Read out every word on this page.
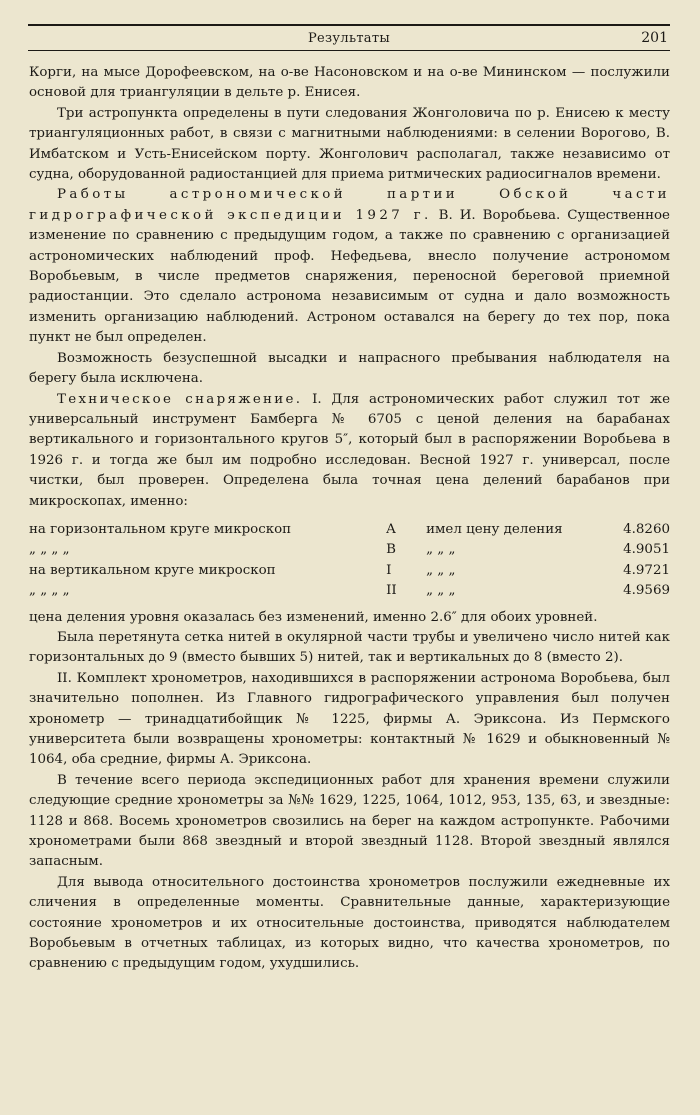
Результаты	201

Корги, на мысе Дорофеевском, на о-ве Насоновском и на о-ве Мининском — послужили основой для триангуляции в дельте р. Енисея.

Три астропункта определены в пути следования Жонголовича по р. Енисею к месту триангуляционных работ, в связи с магнитными наблюдениями: в селении Ворогово, В. Имбатском и Усть-Енисейском порту. Жонголович располагал, также независимо от судна, оборудованной радиостанцией для приема ритмических радиосигналов времени.

Работы астрономической партии Обской части гидрографической экспедиции 1927 г. В. И. Воробьева. Существенное изменение по сравнению с предыдущим годом, а также по сравнению с организацией астрономических наблюдений проф. Нефедьева, внесло получение астрономом Воробьевым, в числе предметов снаряжения, переносной береговой приемной радиостанции. Это сделало астронома независимым от судна и дало возможность изменить организацию наблюдений. Астроном оставался на берегу до тех пор, пока пункт не был определен.

Возможность безуспешной высадки и напрасного пребывания наблюдателя на берегу была исключена.

Техническое снаряжение. I. Для астрономических работ служил тот же универсальный инструмент Бамберга № 6705 с ценой деления на барабанах вертикального и горизонтального кругов 5″, который был в распоряжении Воробьева в 1926 г. и тогда же был им подробно исследован. Весной 1927 г. универсал, после чистки, был проверен. Определена была точная цена делений барабанов при микроскопах, именно:

на горизонтальном круге микроскоп	A	имел цену деления	4.8260
„ „ „ „	B	„ „ „	4.9051
на вертикальном круге микроскоп	I	„ „ „	4.9721
„ „ „ „	II	„ „ „	4.9569

цена деления уровня оказалась без изменений, именно 2.6″ для обоих уровней.

Была перетянута сетка нитей в окулярной части трубы и увеличено число нитей как горизонтальных до 9 (вместо бывших 5) нитей, так и вертикальных до 8 (вместо 2).

II. Комплект хронометров, находившихся в распоряжении астронома Воробьева, был значительно пополнен. Из Главного гидрографического управления был получен хронометр — тринадцатибойщик № 1225, фирмы А. Эриксона. Из Пермского университета были возвращены хронометры: контактный № 1629 и обыкновенный № 1064, оба средние, фирмы А. Эриксона.

В течение всего периода экспедиционных работ для хранения времени служили следующие средние хронометры за №№ 1629, 1225, 1064, 1012, 953, 135, 63, и звездные: 1128 и 868. Восемь хронометров свозились на берег на каждом астропункте. Рабочими хронометрами были 868 звездный и второй звездный 1128. Второй звездный являлся запасным.

Для вывода относительного достоинства хронометров послужили ежедневные их сличения в определенные моменты. Сравнительные данные, характеризующие состояние хронометров и их относительные достоинства, приводятся наблюдателем Воробьевым в отчетных таблицах, из которых видно, что качества хронометров, по сравнению с предыдущим годом, ухудшились.
